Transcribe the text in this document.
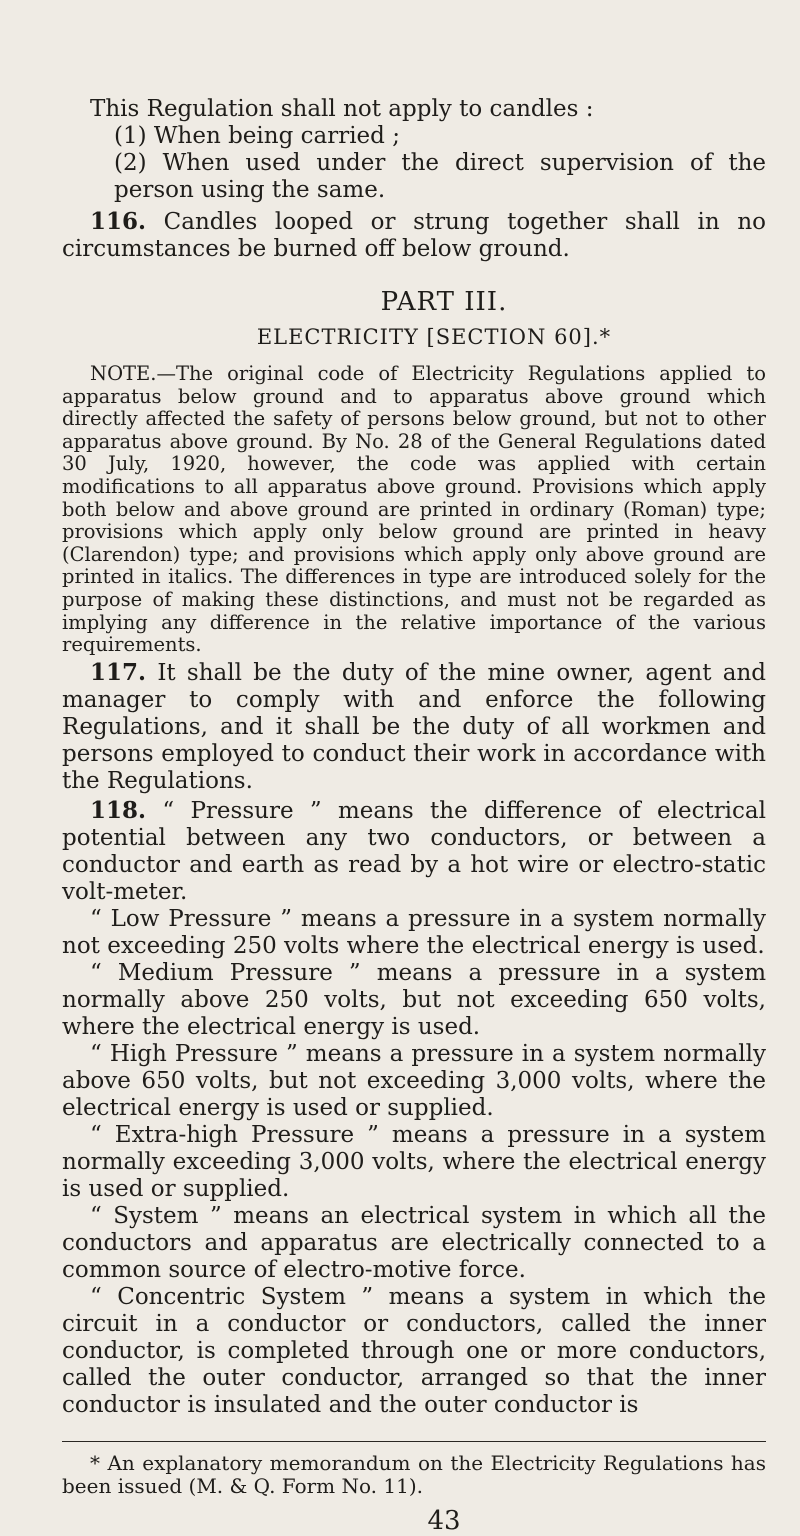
This Regulation shall not apply to candles :

(1) When being carried ;

(2) When used under the direct supervision of the person using the same.

116. Candles looped or strung together shall in no circumstances be burned off below ground.

PART III.
ELECTRICITY [SECTION 60].*

NOTE.—The original code of Electricity Regulations applied to apparatus below ground and to apparatus above ground which directly affected the safety of persons below ground, but not to other apparatus above ground. By No. 28 of the General Regulations dated 30 July, 1920, however, the code was applied with certain modifications to all apparatus above ground. Provisions which apply both below and above ground are printed in ordinary (Roman) type; provisions which apply only below ground are printed in heavy (Clarendon) type; and provisions which apply only above ground are printed in italics. The differences in type are introduced solely for the purpose of making these distinctions, and must not be regarded as implying any difference in the relative importance of the various requirements.

117. It shall be the duty of the mine owner, agent and manager to comply with and enforce the following Regulations, and it shall be the duty of all workmen and persons employed to conduct their work in accordance with the Regulations.

118. “ Pressure ” means the difference of electrical potential between any two conductors, or between a conductor and earth as read by a hot wire or electro-static volt-meter.

“ Low Pressure ” means a pressure in a system normally not exceeding 250 volts where the electrical energy is used.

“ Medium Pressure ” means a pressure in a system normally above 250 volts, but not exceeding 650 volts, where the electrical energy is used.

“ High Pressure ” means a pressure in a system normally above 650 volts, but not exceeding 3,000 volts, where the electrical energy is used or supplied.

“ Extra-high Pressure ” means a pressure in a system normally exceeding 3,000 volts, where the electrical energy is used or supplied.

“ System ” means an electrical system in which all the conductors and apparatus are electrically connected to a common source of electro-motive force.

“ Concentric System ” means a system in which the circuit in a conductor or conductors, called the inner conductor, is completed through one or more conductors, called the outer conductor, arranged so that the inner conductor is insulated and the outer conductor is

* An explanatory memorandum on the Electricity Regulations has been issued (M. & Q. Form No. 11).

43
